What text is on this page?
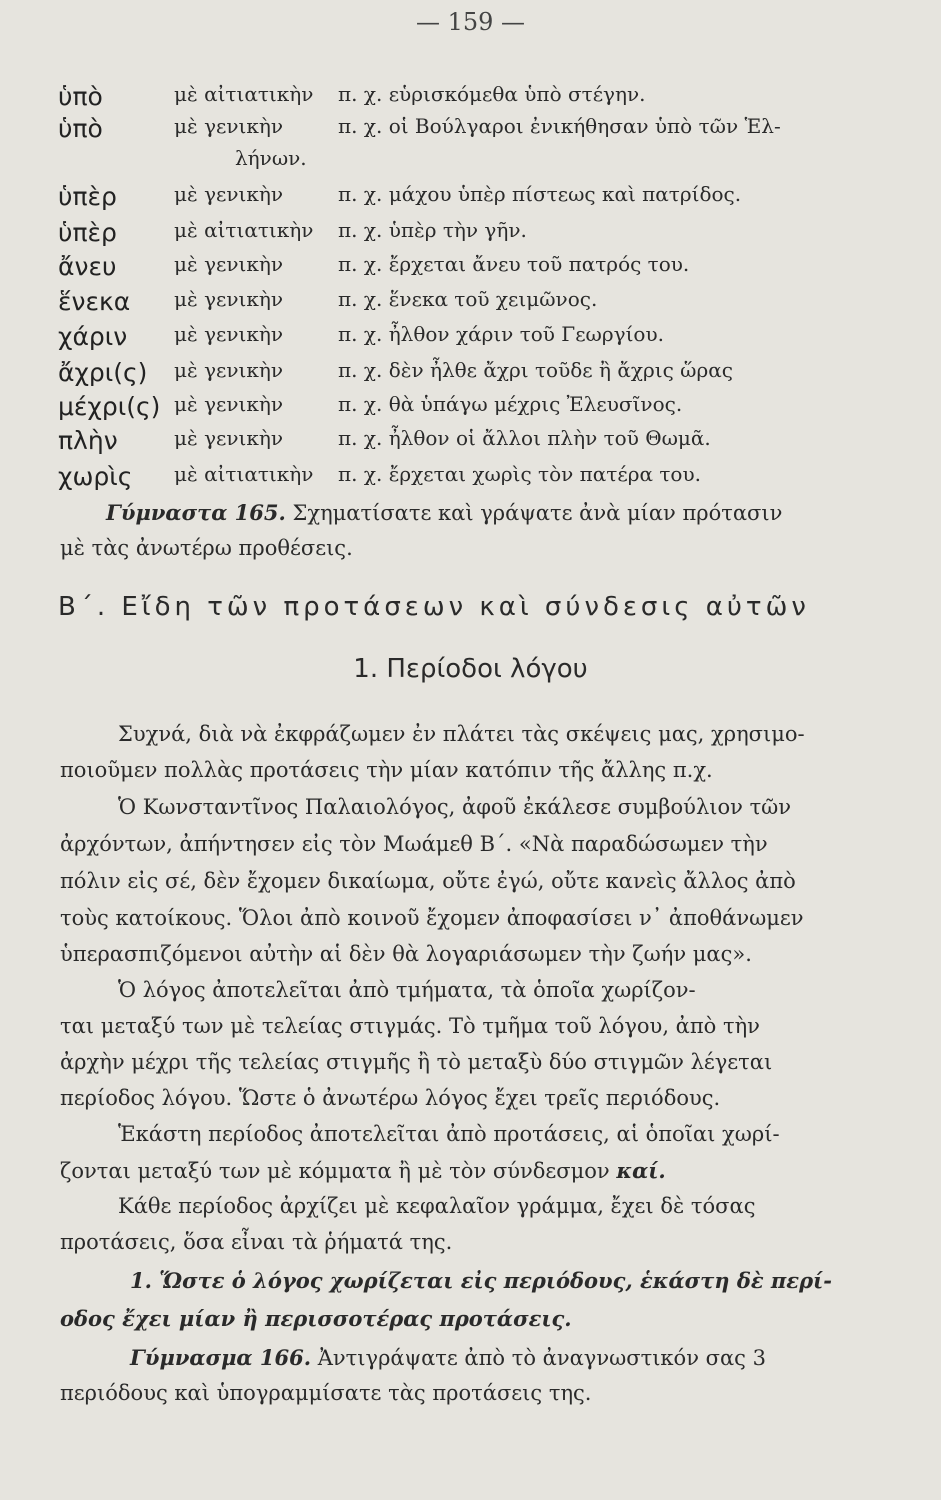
— 159 —
ὑπὸ	μὲ αἰτιατικὴν π. χ. εὑρισκόμεθα ὑπὸ στέγην.
ὑπὸ	μὲ γενικὴν	π. χ. οἱ Βούλγαροι ἐνικήθησαν ὑπὸ τῶν Ἑλ-
λήνων.
ὑπὲρ	μὲ γενικὴν	π. χ. μάχου ὑπὲρ πίστεως καὶ πατρίδος.
ὑπὲρ	μὲ αἰτιατικὴν π. χ. ὑπὲρ τὴν γῆν.
ἄνευ	μὲ γενικὴν	π. χ. ἔρχεται ἄνευ τοῦ πατρός του.
ἕνεκα μὲ γενικὴν	π. χ. ἕνεκα τοῦ χειμῶνος.
χάριν μὲ γενικὴν	π. χ. ἦλθον χάριν τοῦ Γεωργίου.
ἄχρι(ς) μὲ γενικὴν	π. χ. δὲν ἦλθε ἄχρι τοῦδε ἢ ἄχρις ὥρας
μέχρι(ς) μὲ γενικὴν	π. χ. θὰ ὑπάγω μέχρις Ἐλευσῖνος.
πλὴν	μὲ γενικὴν	π. χ. ἦλθον οἱ ἄλλοι πλὴν τοῦ Θωμᾶ.
χωρὶς μὲ αἰτιατικὴν π. χ. ἔρχεται χωρὶς τὸν πατέρα του.
Γύμναστα 165. Σχηματίσατε καὶ γράψατε ἀνὰ μίαν πρότασιν
μὲ τὰς ἀνωτέρω προθέσεις.
Β΄. Εἴδη τῶν προτάσεων καὶ σύνδεσις αὐτῶν
1. Περίοδοι λόγου
Συχνά, διὰ νὰ ἐκφράζωμεν ἐν πλάτει τὰς σκέψεις μας, χρησιμο-
ποιοῦμεν πολλὰς προτάσεις τὴν μίαν κατόπιν τῆς ἄλλης π.χ.
Ὁ Κωνσταντῖνος Παλαιολόγος, ἀφοῦ ἐκάλεσε συμβούλιον τῶν
ἀρχόντων, ἀπήντησεν εἰς τὸν Μωάμεθ Β΄. «Νὰ παραδώσωμεν τὴν
πόλιν εἰς σέ, δὲν ἔχομεν δικαίωμα, οὔτε ἐγώ, οὔτε κανεὶς ἄλλος ἀπὸ
τοὺς κατοίκους. Ὅλοι ἀπὸ κοινοῦ ἔχομεν ἀποφασίσει ν᾽ ἀποθάνωμεν
ὑπερασπιζόμενοι αὐτὴν αἱ δὲν θὰ λογαριάσωμεν τὴν ζωήν μας».
Ὁ λόγος ἀποτελεῖται ἀπὸ τμήματα, τὰ ὁποῖα χωρίζον-
ται μεταξύ των μὲ τελείας στιγμάς. Τὸ τμῆμα τοῦ λόγου, ἀπὸ τὴν
ἀρχὴν μέχρι τῆς τελείας στιγμῆς ἢ τὸ μεταξὺ δύο στιγμῶν λέγεται
περίοδος λόγου. Ὥστε ὁ ἀνωτέρω λόγος ἔχει τρεῖς περιόδους.
Ἑκάστη περίοδος ἀποτελεῖται ἀπὸ προτάσεις, αἱ ὁποῖαι χωρί-
ζονται μεταξύ των μὲ κόμματα ἢ μὲ τὸν σύνδεσμον καί.
Κάθε περίοδος ἀρχίζει μὲ κεφαλαῖον γράμμα, ἔχει δὲ τόσας
προτάσεις, ὅσα εἶναι τὰ ῥήματά της.
1. Ὥστε ὁ λόγος χωρίζεται εἰς περιόδους, ἑκάστη δὲ περί-
οδος ἔχει μίαν ἢ περισσοτέρας προτάσεις.
Γύμνασμα 166. Ἀντιγράψατε ἀπὸ τὸ ἀναγνωστικόν σας 3
περιόδους καὶ ὑπογραμμίσατε τὰς προτάσεις της.
